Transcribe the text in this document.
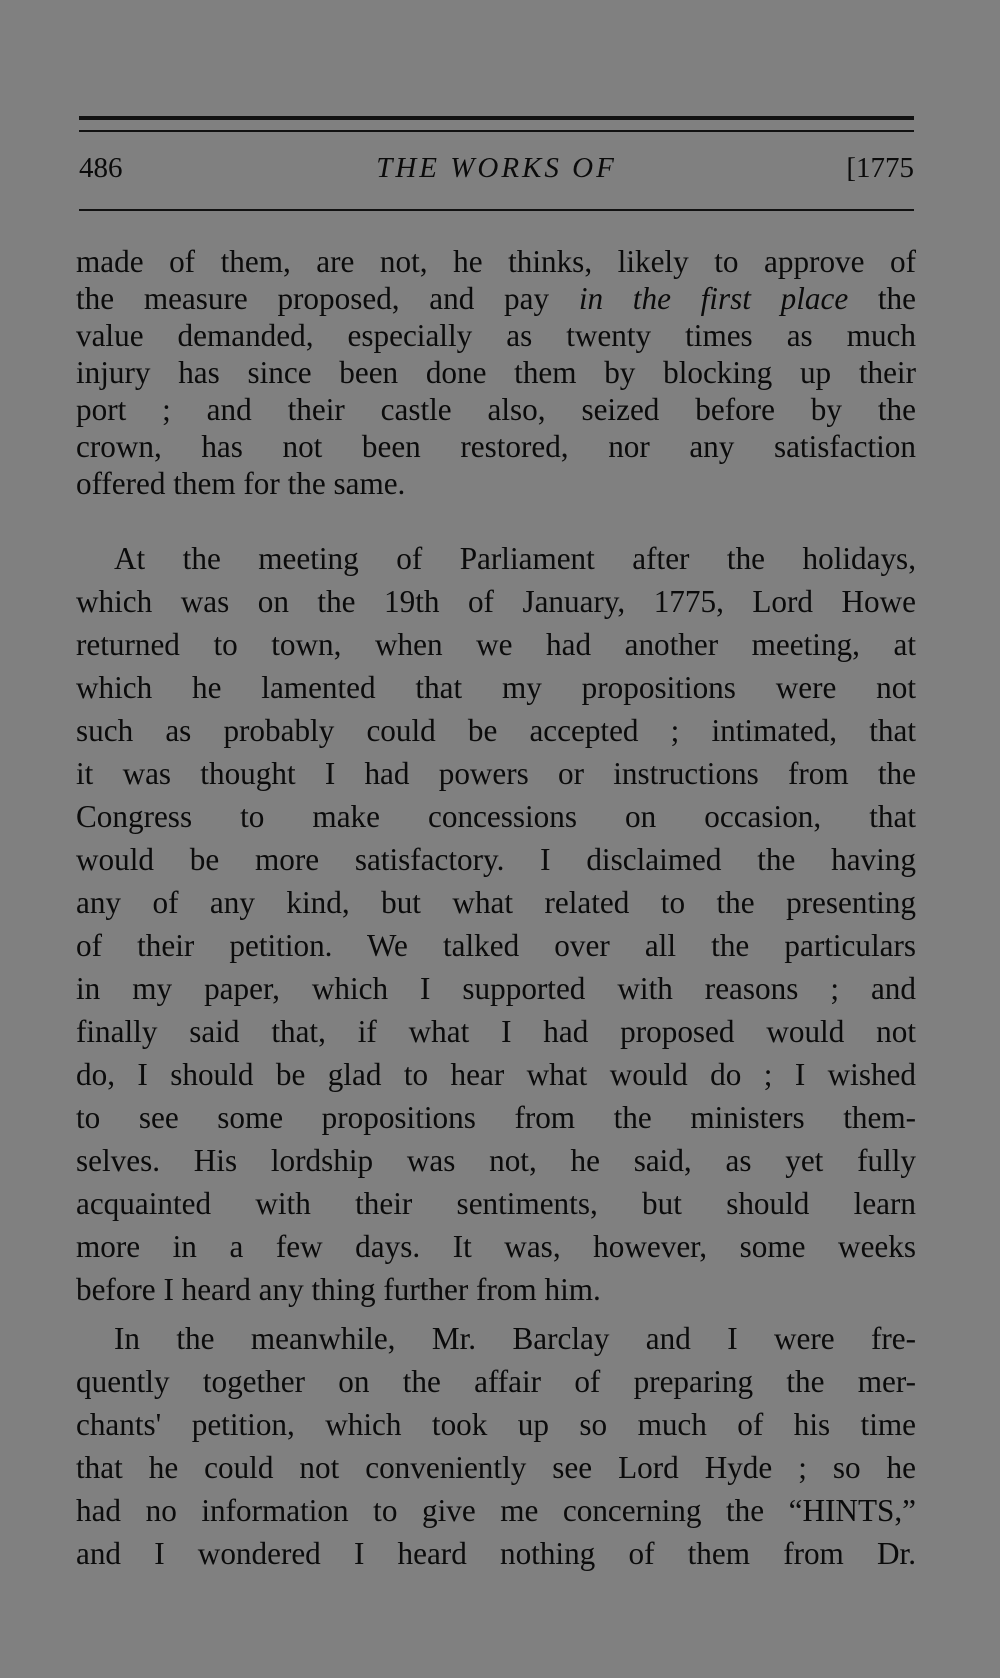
486	THE WORKS OF	[1775
made of them, are not, he thinks, likely to approve of
the measure proposed, and pay in the first place the
value demanded, especially as twenty times as much
injury has since been done them by blocking up their
port ; and their castle also, seized before by the
crown, has not been restored, nor any satisfaction
offered them for the same.
At the meeting of Parliament after the holidays,
which was on the 19th of January, 1775, Lord Howe
returned to town, when we had another meeting, at
which he lamented that my propositions were not
such as probably could be accepted ; intimated, that
it was thought I had powers or instructions from the
Congress to make concessions on occasion, that
would be more satisfactory. I disclaimed the having
any of any kind, but what related to the presenting
of their petition. We talked over all the particulars
in my paper, which I supported with reasons ; and
finally said that, if what I had proposed would not
do, I should be glad to hear what would do ; I wished
to see some propositions from the ministers them-
selves. His lordship was not, he said, as yet fully
acquainted with their sentiments, but should learn
more in a few days. It was, however, some weeks
before I heard any thing further from him.
In the meanwhile, Mr. Barclay and I were fre-
quently together on the affair of preparing the mer-
chants' petition, which took up so much of his time
that he could not conveniently see Lord Hyde ; so he
had no information to give me concerning the “HINTS,”
and I wondered I heard nothing of them from Dr.
